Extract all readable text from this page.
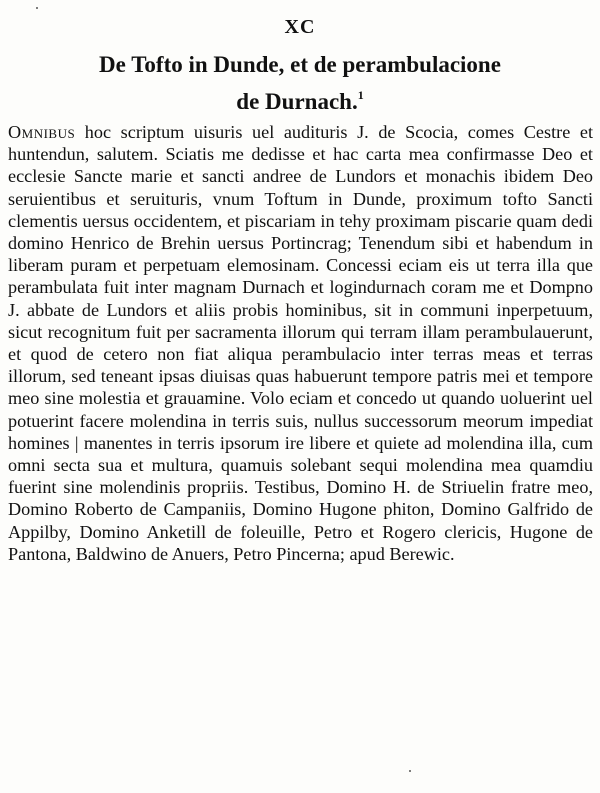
XC
De Tofto in Dunde, et de perambulacione
de Durnach.$^1$

Omnibus hoc scriptum uisuris uel audituris J. de Scocia, comes Cestre et huntendun, salutem. Sciatis me dedisse et hac carta mea confirmasse Deo et ecclesie Sancte marie et sancti andree de Lundors et monachis ibidem Deo seruientibus et seruituris, vnum Toftum in Dunde, proximum tofto Sancti clementis uersus occidentem, et piscariam in tehy proximam piscarie quam dedi domino Henrico de Brehin uersus Portincrag; Tenendum sibi et habendum in liberam puram et perpetuam elemosinam. Concessi eciam eis ut terra illa que perambulata fuit inter magnam Durnach et logindurnach coram me et Dompno J. abbate de Lundors et aliis probis hominibus, sit in communi inperpetuum, sicut recognitum fuit per sacramenta illorum qui terram illam perambulauerunt, et quod de cetero non fiat aliqua perambulacio inter terras meas et terras illorum, sed teneant ipsas diuisas quas habuerunt tempore patris mei et tempore meo sine molestia et grauamine. Volo eciam et concedo ut quando uoluerint uel potuerint facere molendina in terris suis, nullus successorum meorum impediat homines | manentes in terris ipsorum ire libere et quiete ad molendina illa, cum omni secta sua et multura, quamuis solebant sequi molendina mea quamdiu fuerint sine molendinis propriis. Testibus, Domino H. de Striuelin fratre meo, Domino Roberto de Campaniis, Domino Hugone phiton, Domino Galfrido de Appilby, Domino Anketill de foleuille, Petro et Rogero clericis, Hugone de Pantona, Baldwino de Anuers, Petro Pincerna; apud Berewic.
